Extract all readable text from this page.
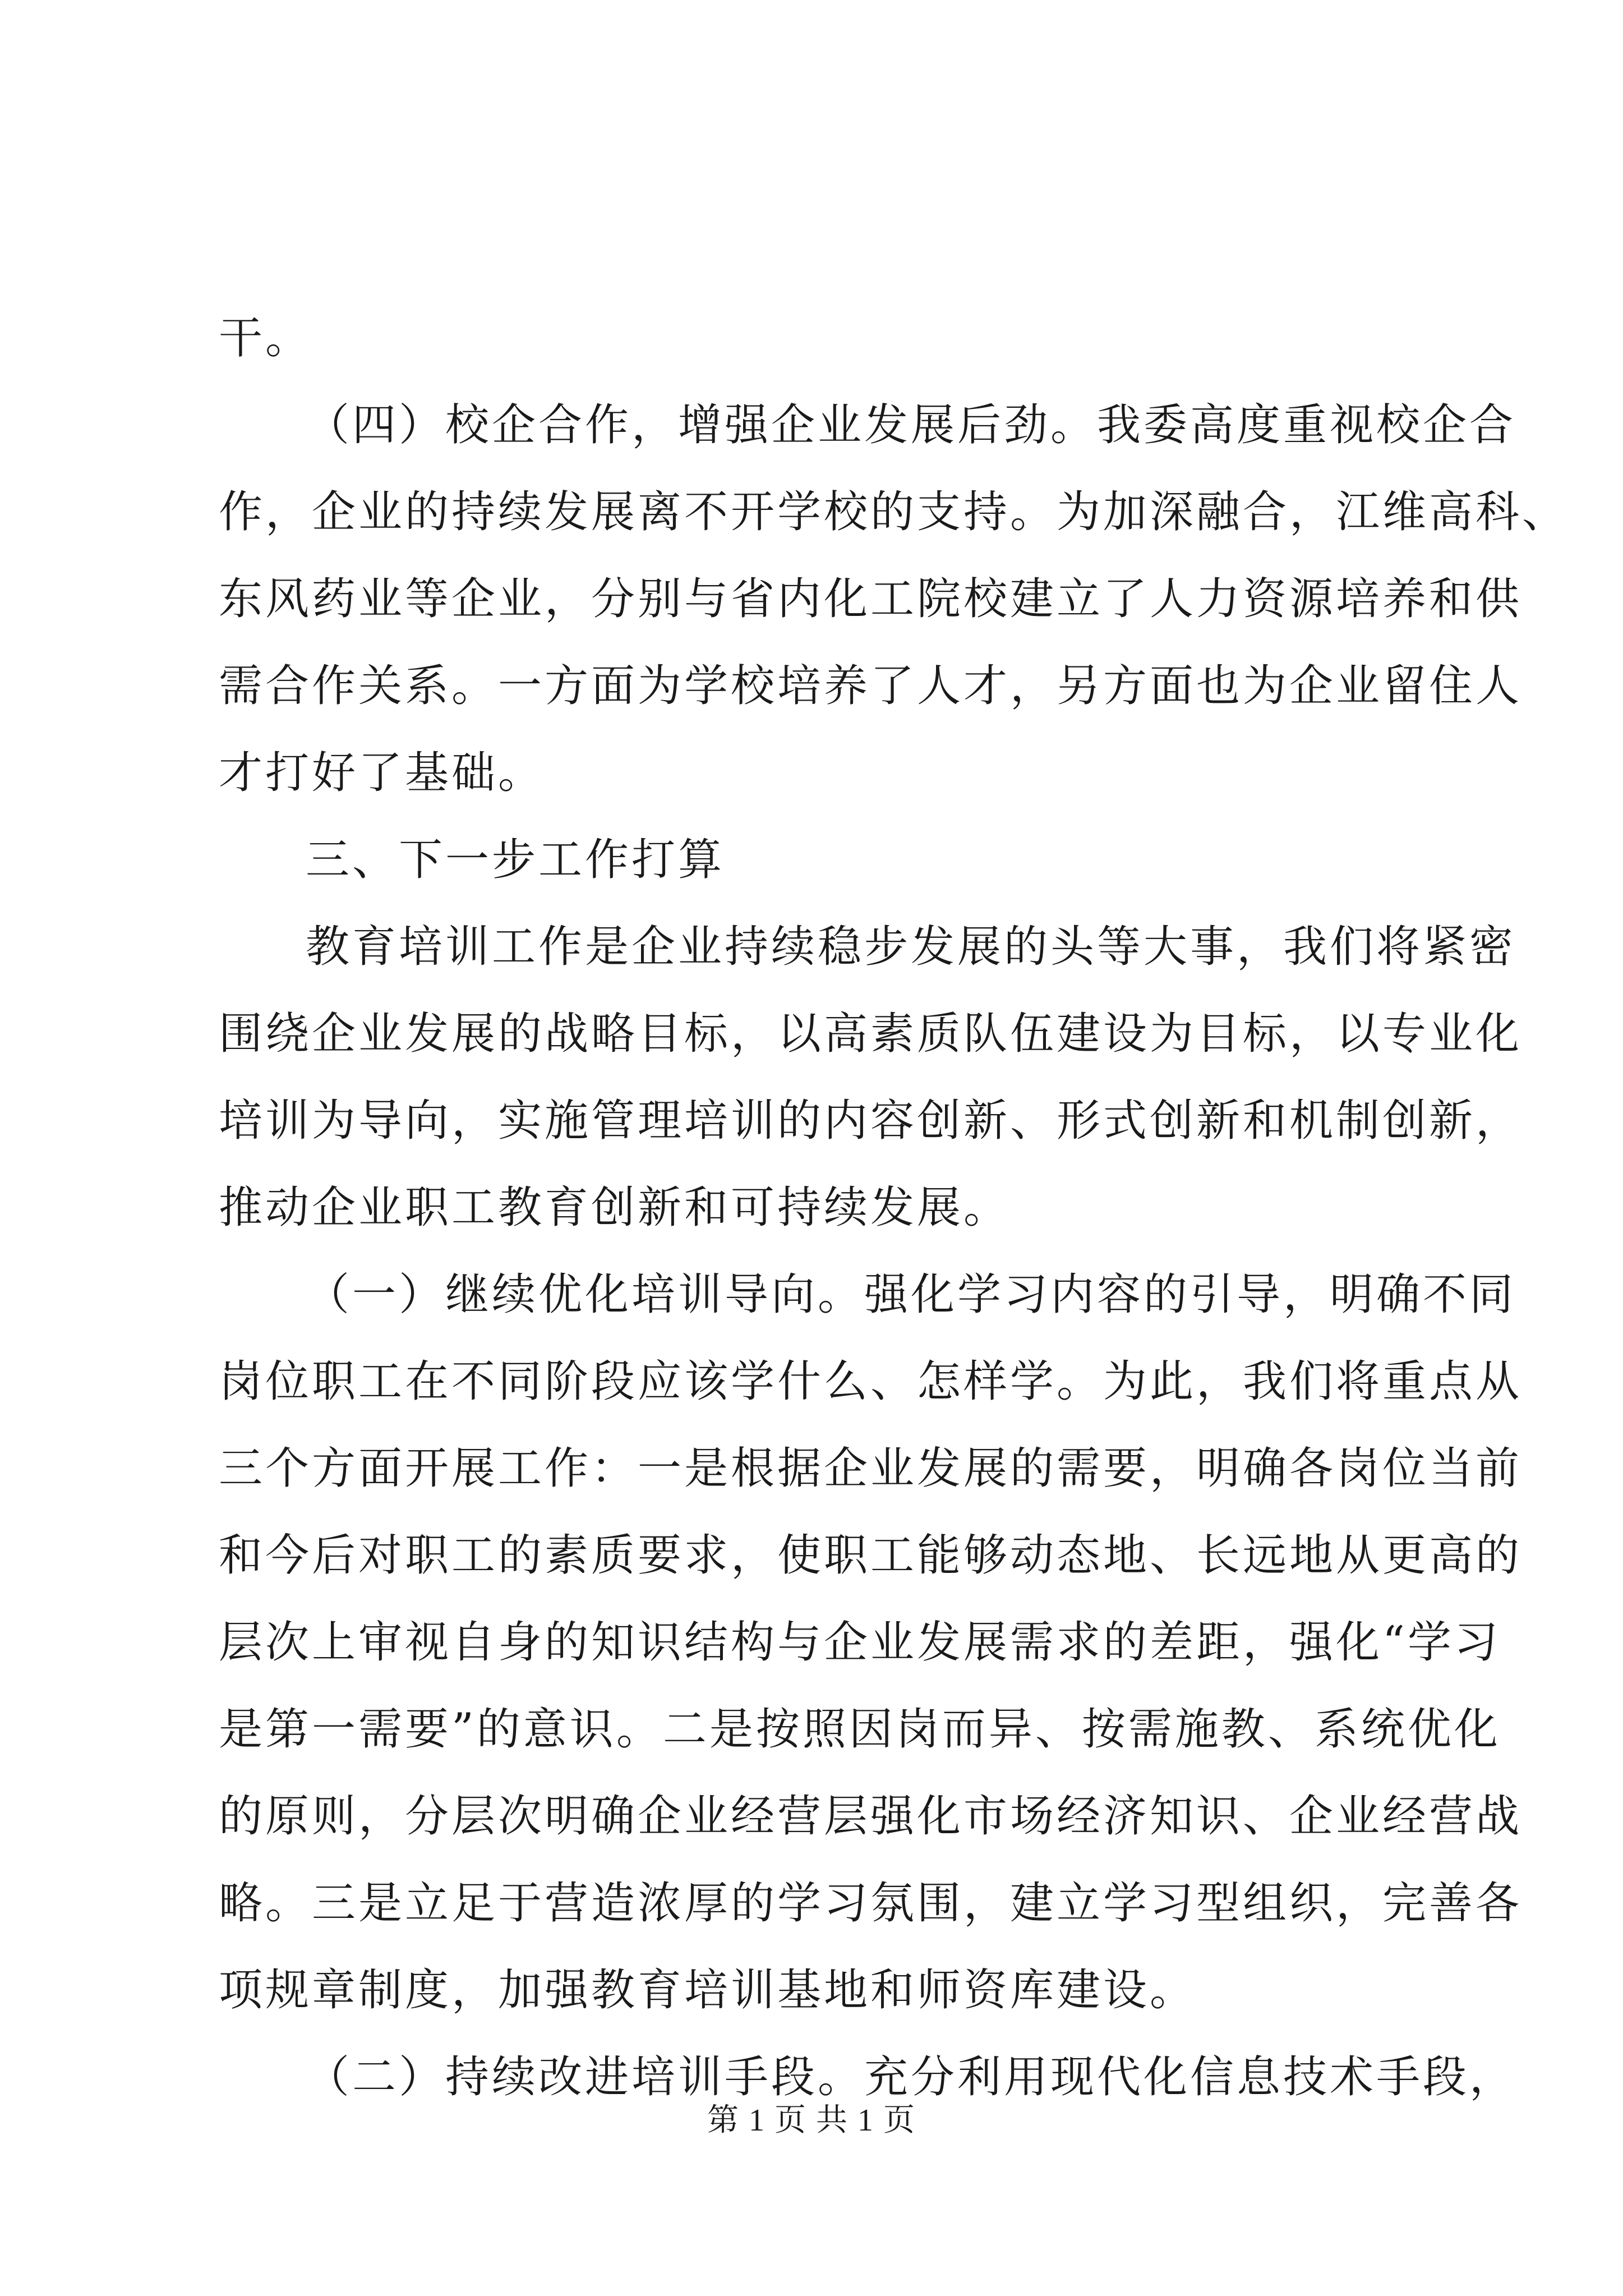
干。

（四）校企合作，增强企业发展后劲。我委高度重视校企合

作，企业的持续发展离不开学校的支持。为加深融合，江维高科、

东风药业等企业，分别与省内化工院校建立了人力资源培养和供

需合作关系。一方面为学校培养了人才，另方面也为企业留住人

才打好了基础。

三、下一步工作打算

教育培训工作是企业持续稳步发展的头等大事，我们将紧密

围绕企业发展的战略目标，以高素质队伍建设为目标，以专业化

培训为导向，实施管理培训的内容创新、形式创新和机制创新，

推动企业职工教育创新和可持续发展。

（一）继续优化培训导向。强化学习内容的引导，明确不同

岗位职工在不同阶段应该学什么、怎样学。为此，我们将重点从

三个方面开展工作：一是根据企业发展的需要，明确各岗位当前

和今后对职工的素质要求，使职工能够动态地、长远地从更高的

层次上审视自身的知识结构与企业发展需求的差距，强化“学习

是第一需要”的意识。二是按照因岗而异、按需施教、系统优化

的原则，分层次明确企业经营层强化市场经济知识、企业经营战

略。三是立足于营造浓厚的学习氛围，建立学习型组织，完善各

项规章制度，加强教育培训基地和师资库建设。

（二）持续改进培训手段。充分利用现代化信息技术手段，

第 1 页 共 1 页
